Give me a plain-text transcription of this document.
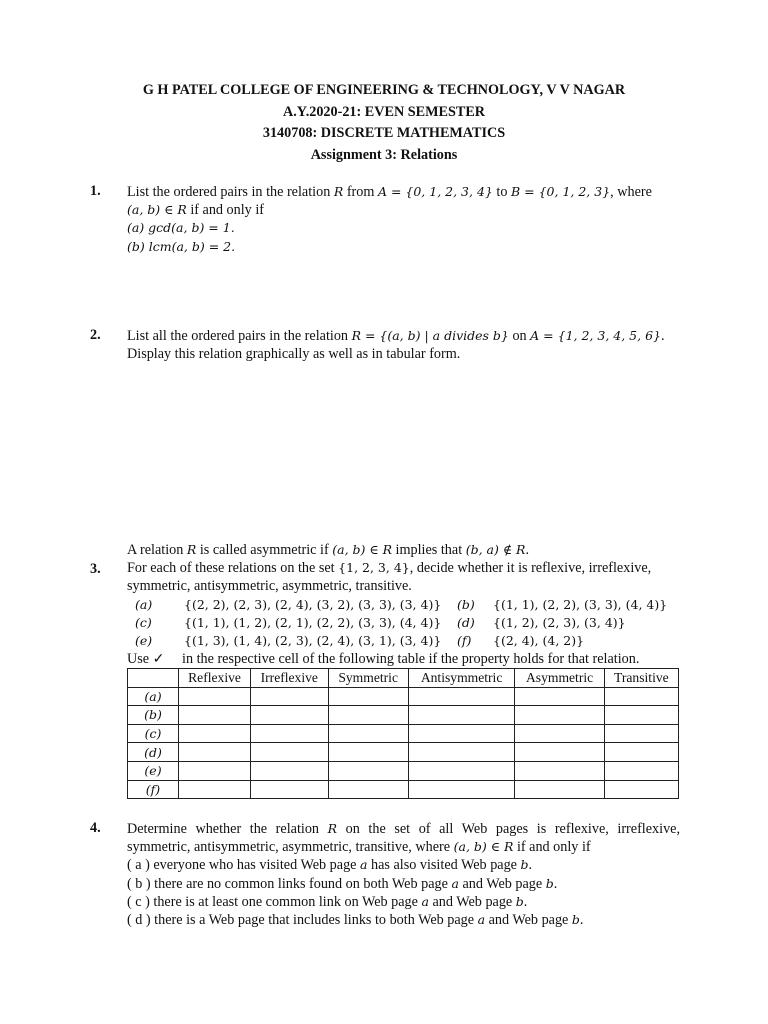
G H PATEL COLLEGE OF ENGINEERING & TECHNOLOGY, V V NAGAR
A.Y.2020-21: EVEN SEMESTER
3140708: DISCRETE MATHEMATICS
Assignment 3: Relations
1. List the ordered pairs in the relation R from A = {0, 1, 2, 3, 4} to B = {0, 1, 2, 3}, where
(a, b) ∈ R if and only if
(a) gcd(a, b) = 1.
(b) lcm(a, b) = 2.
2. List all the ordered pairs in the relation R = {(a, b) | a divides b} on A = {1, 2, 3, 4, 5, 6}.
Display this relation graphically as well as in tabular form.
3.
A relation R is called asymmetric if (a, b) ∈ R implies that (b, a) ∉ R.
For each of these relations on the set {1, 2, 3, 4}, decide whether it is reflexive, irreflexive,
symmetric, antisymmetric, asymmetric, transitive.
(a)	{(2, 2), (2, 3), (2, 4), (3, 2), (3, 3), (3, 4)}	(b)	{(1, 1), (2, 2), (3, 3), (4, 4)}
(c)	{(1, 1), (1, 2), (2, 1), (2, 2), (3, 3), (4, 4)}	(d)	{(1, 2), (2, 3), (3, 4)}
(e)	{(1, 3), (1, 4), (2, 3), (2, 4), (3, 1), (3, 4)}	(f)	{(2, 4), (4, 2)}
Use ✓ in the respective cell of the following table if the property holds for that relation.
	Reflexive	Irreflexive	Symmetric	Antisymmetric	Asymmetric	Transitive
(a)						
(b)						
(c)						
(d)						
(e)						
(f)						
4. Determine whether the relation R on the set of all Web pages is reflexive, irreflexive,
symmetric, antisymmetric, asymmetric, transitive, where (a, b) ∈ R if and only if
( a ) everyone who has visited Web page a has also visited Web page b.
( b ) there are no common links found on both Web page a and Web page b.
( c ) there is at least one common link on Web page a and Web page b.
( d ) there is a Web page that includes links to both Web page a and Web page b.
